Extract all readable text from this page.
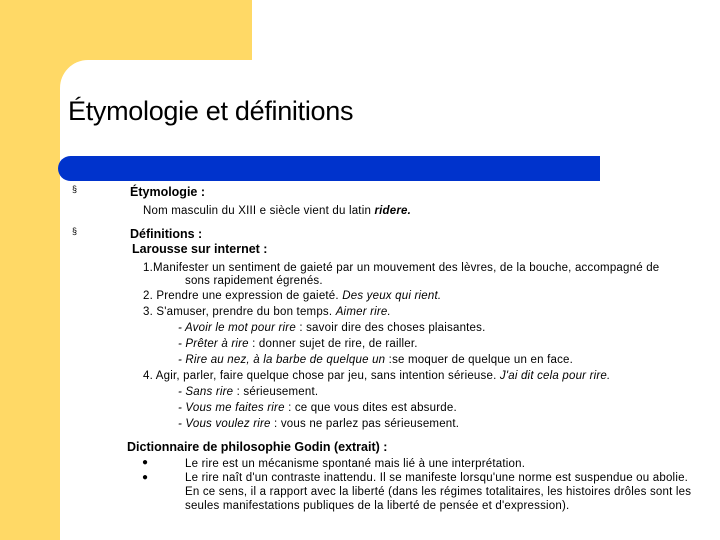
Étymologie et définitions
§	Étymologie :
Nom masculin du XIII e siècle vient du latin ridere.
§	Définitions :
Larousse sur internet :
1.Manifester un sentiment de gaieté par un mouvement des lèvres, de la bouche, accompagné de
sons rapidement égrenés.
2. Prendre une expression de gaieté. Des yeux qui rient.
3. S'amuser, prendre du bon temps. Aimer rire.
- Avoir le mot pour rire : savoir dire des choses plaisantes.
- Prêter à rire : donner sujet de rire, de railler.
- Rire au nez, à la barbe de quelque un :se moquer de quelque un en face.
4. Agir, parler, faire quelque chose par jeu, sans intention sérieuse. J'ai dit cela pour rire.
- Sans rire : sérieusement.
- Vous me faites rire : ce que vous dites est absurde.
- Vous voulez rire : vous ne parlez pas sérieusement.
Dictionnaire de philosophie Godin (extrait) :
●	Le rire est un mécanisme spontané mais lié à une interprétation.
●	Le rire naît d'un contraste inattendu. Il se manifeste lorsqu'une norme est suspendue ou abolie. En ce sens, il a rapport avec la liberté (dans les régimes totalitaires, les histoires drôles sont les seules manifestations publiques de la liberté de pensée et d'expression).
